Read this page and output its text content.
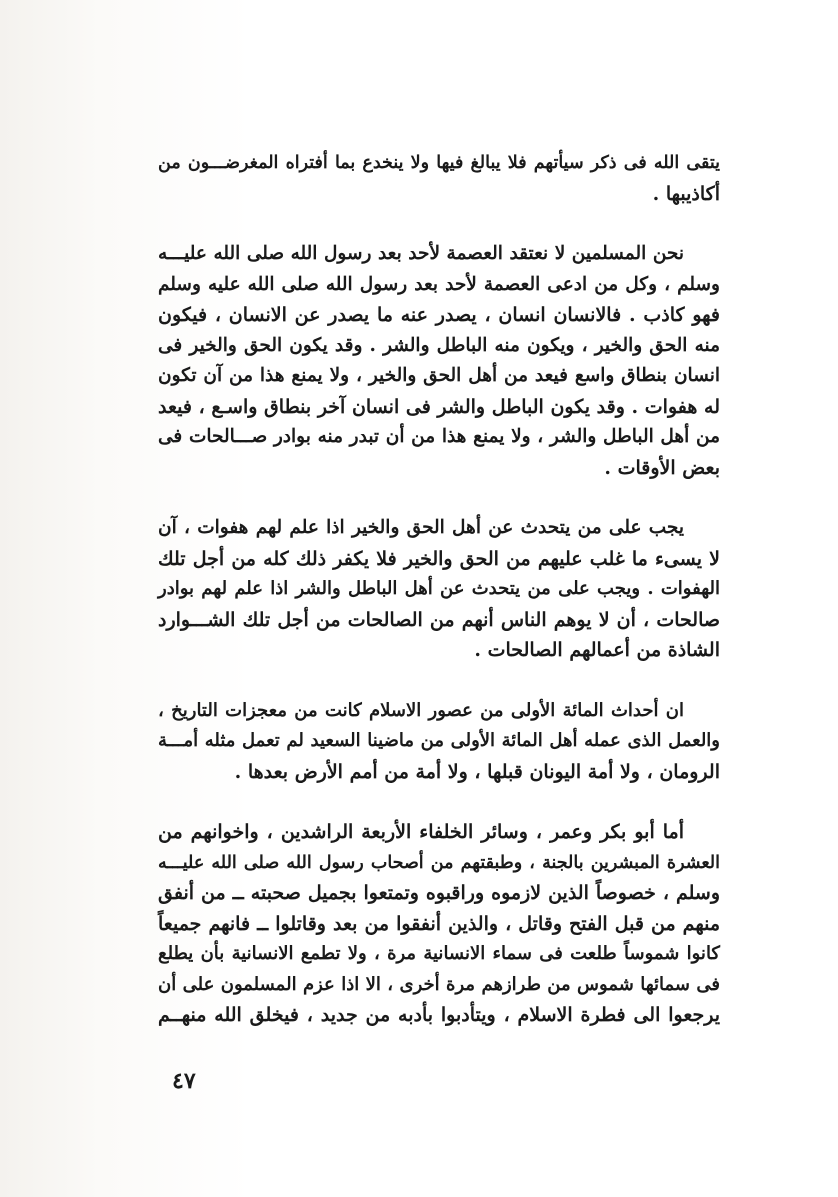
يتقى الله فى ذكر سيأتهم فلا يبالغ فيها ولا ينخدع بما أفتراه المغرضـــون من
أكاذيبها .
نحن المسلمين لا نعتقد العصمة لأحد بعد رسول الله صلى الله عليـــه
وسلم ، وكل من ادعى العصمة لأحد بعد رسول الله صلى الله عليه وسلم
فهو كاذب . فالانسان انسان ، يصدر عنه ما يصدر عن الانسان ، فيكون
منه الحق والخير ، ويكون منه الباطل والشر . وقد يكون الحق والخير فى
انسان بنطاق واسع فيعد من أهل الحق والخير ، ولا يمنع هذا من آن تكون
له هفوات . وقد يكون الباطل والشر فى انسان آخر بنطاق واسـع ، فيعد
من أهل الباطل والشر ، ولا يمنع هذا من أن تبدر منه بوادر صـــالحات فى
بعض الأوقات .
يجب على من يتحدث عن أهل الحق والخير اذا علم لهم هفوات ، آن
لا يسىء ما غلب عليهم من الحق والخير فلا يكفر ذلك كله من أجل تلك
الهفوات . ويجب على من يتحدث عن أهل الباطل والشر اذا علم لهم بوادر
صالحات ، أن لا يوهم الناس أنهم من الصالحات من أجل تلك الشـــوارد
الشاذة من أعمالهم الصالحات .
ان أحداث المائة الأولى من عصور الاسلام كانت من معجزات التاريخ ،
والعمل الذى عمله أهل المائة الأولى من ماضينا السعيد لم تعمل مثله أمـــة
الرومان ، ولا أمة اليونان قبلها ، ولا أمة من أمم الأرض بعدها .
أما أبو بكر وعمر ، وسائر الخلفاء الأربعة الراشدين ، واخوانهم من
العشرة المبشرين بالجنة ، وطبقتهم من أصحاب رسول الله صلى الله عليـــه
وسلم ، خصوصاً الذين لازموه وراقبوه وتمتعوا بجميل صحبته ــ من أنفق
منهم من قبل الفتح وقاتل ، والذين أنفقوا من بعد وقاتلوا ــ فانهم جميعاً
كانوا شموساً طلعت فى سماء الانسانية مرة ، ولا تطمع الانسانية بأن يطلع
فى سمائها شموس من طرازهم مرة أخرى ، الا اذا عزم المسلمون على أن
يرجعوا الى فطرة الاسلام ، ويتأدبوا بأدبه من جديد ، فيخلق الله منهــم
٤٧
